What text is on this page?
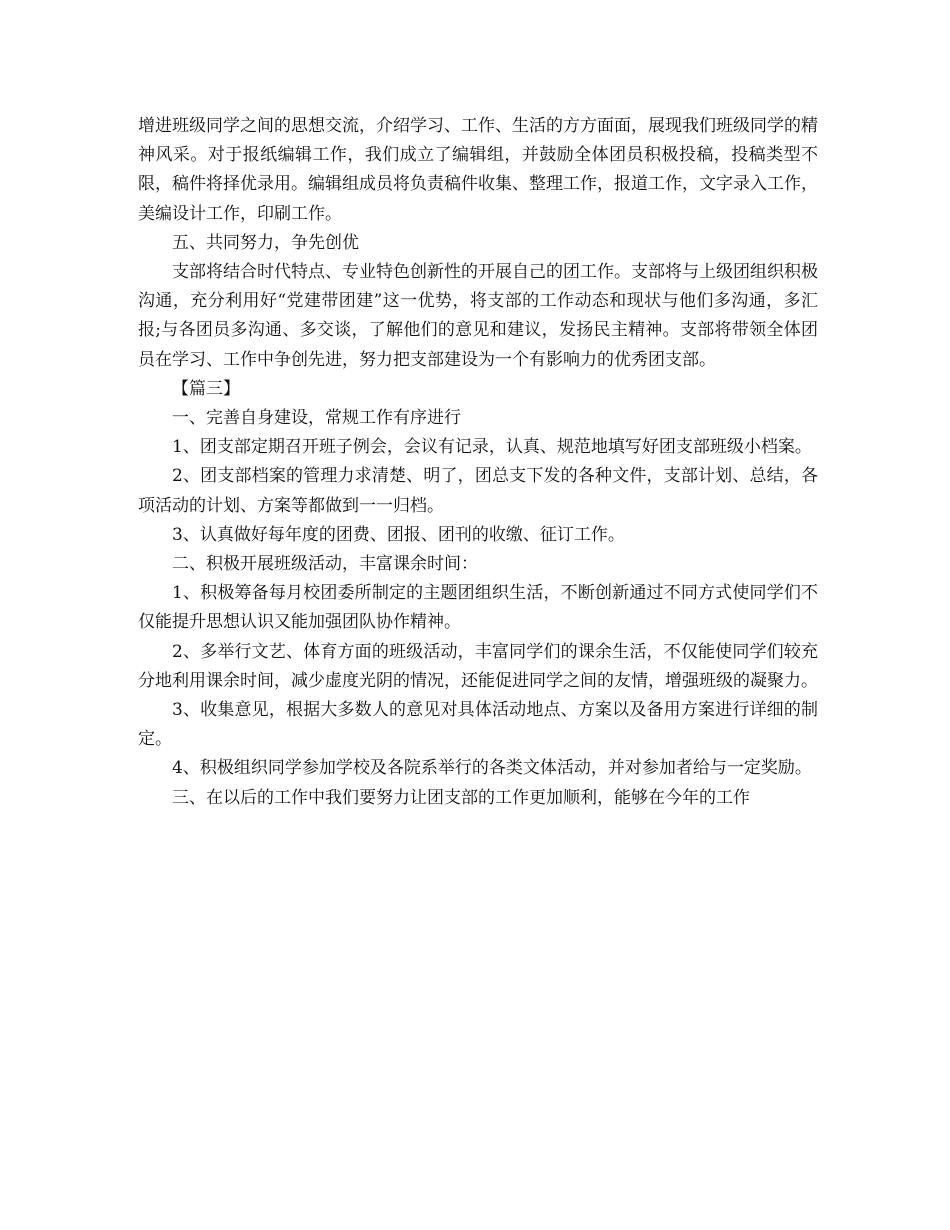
增进班级同学之间的思想交流，介绍学习、工作、生活的方方面面，展现我们班级同学的精神风采。对于报纸编辑工作，我们成立了编辑组，并鼓励全体团员积极投稿，投稿类型不限，稿件将择优录用。编辑组成员将负责稿件收集、整理工作，报道工作，文字录入工作，美编设计工作，印刷工作。

五、共同努力，争先创优

支部将结合时代特点、专业特色创新性的开展自己的团工作。支部将与上级团组织积极沟通，充分利用好“党建带团建”这一优势，将支部的工作动态和现状与他们多沟通，多汇报;与各团员多沟通、多交谈，了解他们的意见和建议，发扬民主精神。支部将带领全体团员在学习、工作中争创先进，努力把支部建设为一个有影响力的优秀团支部。

【篇三】

一、完善自身建设，常规工作有序进行

1、团支部定期召开班子例会，会议有记录，认真、规范地填写好团支部班级小档案。

2、团支部档案的管理力求清楚、明了，团总支下发的各种文件，支部计划、总结，各项活动的计划、方案等都做到一一归档。

3、认真做好每年度的团费、团报、团刊的收缴、征订工作。

二、积极开展班级活动，丰富课余时间：

1、积极筹备每月校团委所制定的主题团组织生活，不断创新通过不同方式使同学们不仅能提升思想认识又能加强团队协作精神。

2、多举行文艺、体育方面的班级活动，丰富同学们的课余生活，不仅能使同学们较充分地利用课余时间，减少虚度光阴的情况，还能促进同学之间的友情，增强班级的凝聚力。

3、收集意见，根据大多数人的意见对具体活动地点、方案以及备用方案进行详细的制定。

4、积极组织同学参加学校及各院系举行的各类文体活动，并对参加者给与一定奖励。

三、在以后的工作中我们要努力让团支部的工作更加顺利，能够在今年的工作
